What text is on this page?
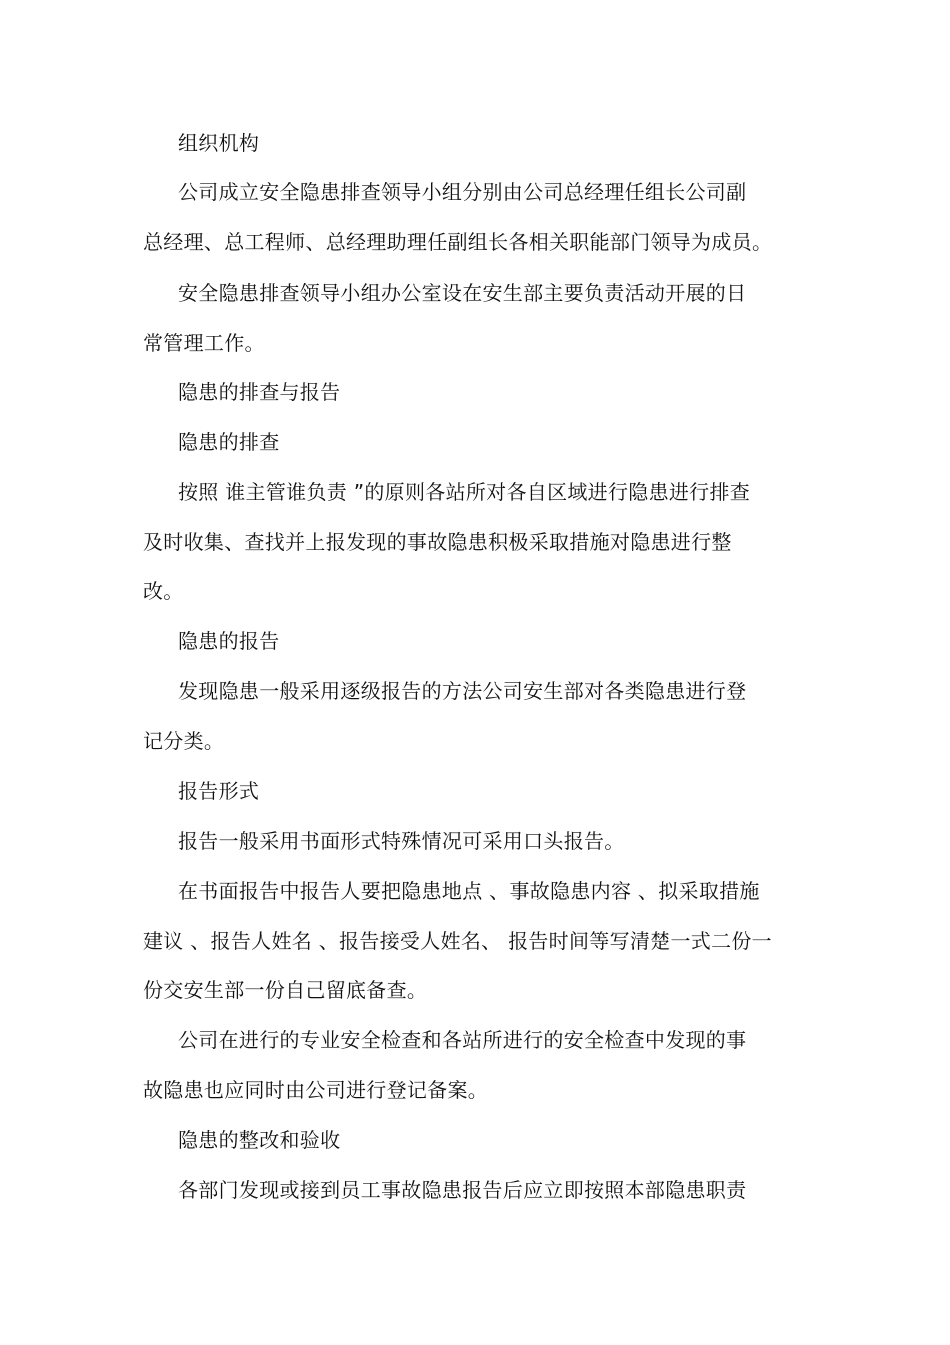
组织机构

公司成立安全隐患排查领导小组分别由公司总经理任组长公司副

总经理、总工程师、总经理助理任副组长各相关职能部门领导为成员。

安全隐患排查领导小组办公室设在安生部主要负责活动开展的日

常管理工作。

隐患的排查与报告

隐患的排查

按照 谁主管谁负责 ”的原则各站所对各自区域进行隐患进行排查

及时收集、查找并上报发现的事故隐患积极采取措施对隐患进行整

改。

隐患的报告

发现隐患一般采用逐级报告的方法公司安生部对各类隐患进行登

记分类。

报告形式

报告一般采用书面形式特殊情况可采用口头报告。

在书面报告中报告人要把隐患地点 、事故隐患内容 、拟采取措施

建议 、报告人姓名 、报告接受人姓名、 报告时间等写清楚一式二份一

份交安生部一份自己留底备查。

公司在进行的专业安全检查和各站所进行的安全检查中发现的事

故隐患也应同时由公司进行登记备案。

隐患的整改和验收

各部门发现或接到员工事故隐患报告后应立即按照本部隐患职责
